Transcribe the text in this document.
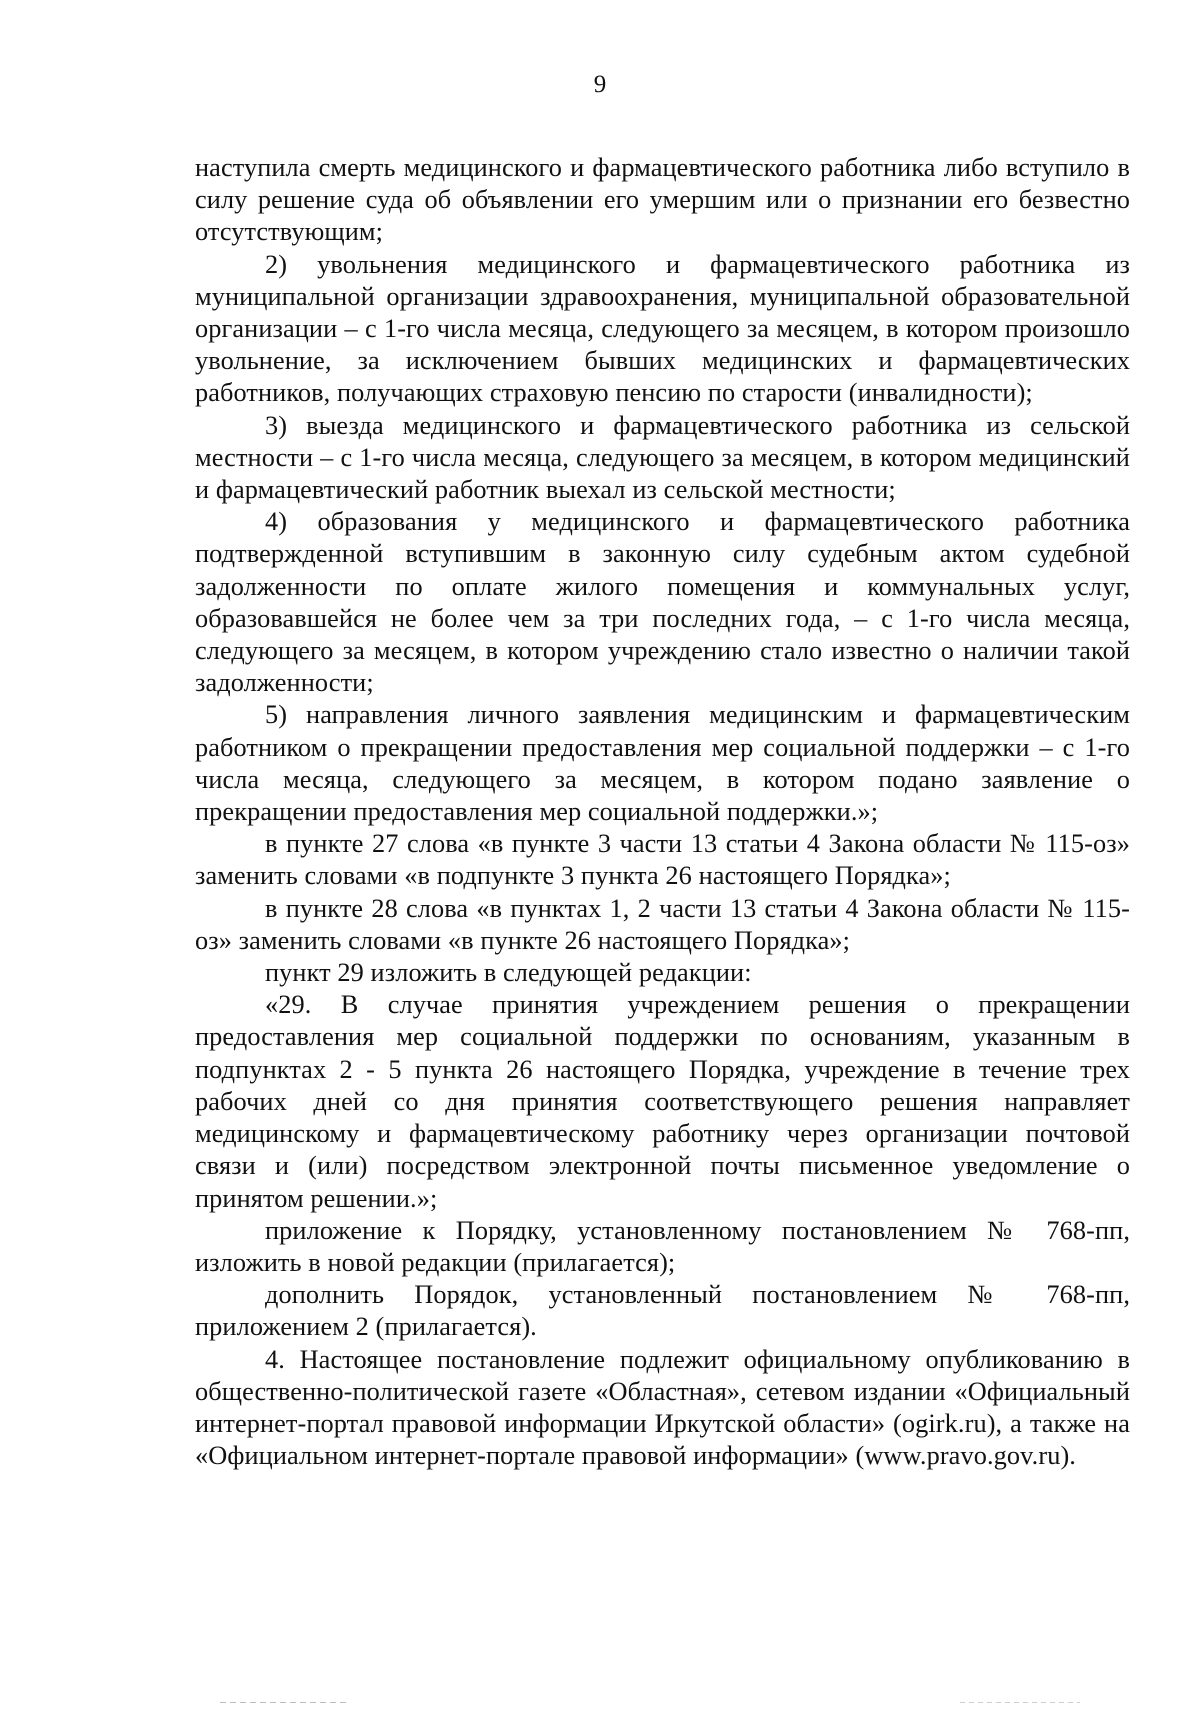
9

наступила смерть медицинского и фармацевтического работника либо вступило в силу решение суда об объявлении его умершим или о признании его безвестно отсутствующим;

2) увольнения медицинского и фармацевтического работника из муниципальной организации здравоохранения, муниципальной образовательной организации – с 1-го числа месяца, следующего за месяцем, в котором произошло увольнение, за исключением бывших медицинских и фармацевтических работников, получающих страховую пенсию по старости (инвалидности);

3) выезда медицинского и фармацевтического работника из сельской местности – с 1-го числа месяца, следующего за месяцем, в котором медицинский и фармацевтический работник выехал из сельской местности;

4) образования у медицинского и фармацевтического работника подтвержденной вступившим в законную силу судебным актом судебной задолженности по оплате жилого помещения и коммунальных услуг, образовавшейся не более чем за три последних года, – с 1-го числа месяца, следующего за месяцем, в котором учреждению стало известно о наличии такой задолженности;

5) направления личного заявления медицинским и фармацевтическим работником о прекращении предоставления мер социальной поддержки – с 1-го числа месяца, следующего за месяцем, в котором подано заявление о прекращении предоставления мер социальной поддержки.»;

в пункте 27 слова «в пункте 3 части 13 статьи 4 Закона области № 115-оз» заменить словами «в подпункте 3 пункта 26 настоящего Порядка»;

в пункте 28 слова «в пунктах 1, 2 части 13 статьи 4 Закона области № 115-оз» заменить словами «в пункте 26 настоящего Порядка»;

пункт 29 изложить в следующей редакции:

«29. В случае принятия учреждением решения о прекращении предоставления мер социальной поддержки по основаниям, указанным в подпунктах 2 - 5 пункта 26 настоящего Порядка, учреждение в течение трех рабочих дней со дня принятия соответствующего решения направляет медицинскому и фармацевтическому работнику через организации почтовой связи и (или) посредством электронной почты письменное уведомление о принятом решении.»;

приложение к Порядку, установленному постановлением № 768-пп, изложить в новой редакции (прилагается);

дополнить Порядок, установленный постановлением № 768-пп, приложением 2 (прилагается).

4. Настоящее постановление подлежит официальному опубликованию в общественно-политической газете «Областная», сетевом издании «Официальный интернет-портал правовой информации Иркутской области» (ogirk.ru), а также на «Официальном интернет-портале правовой информации» (www.pravo.gov.ru).
